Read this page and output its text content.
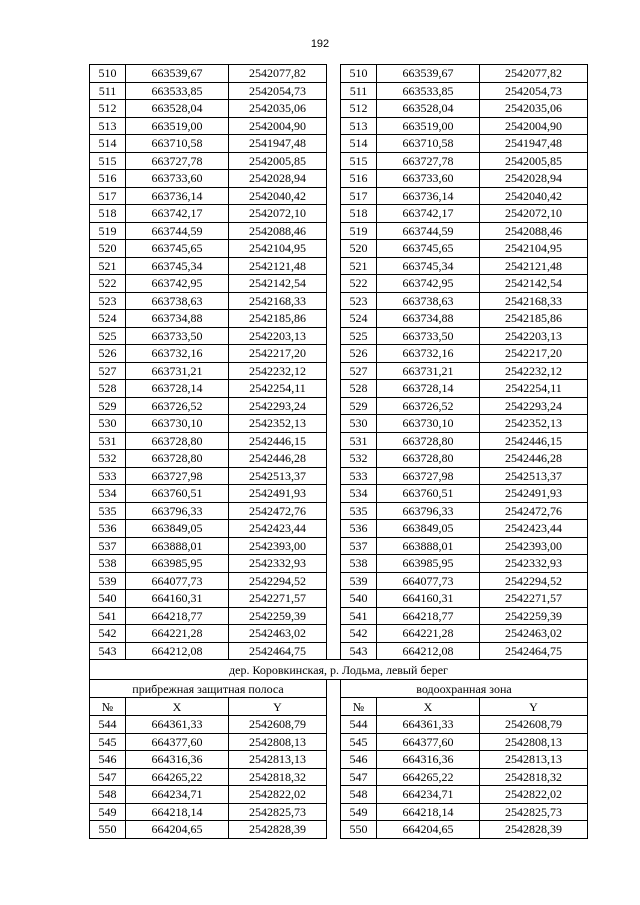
192
510	663539,67	2542077,82		510	663539,67	2542077,82
511	663533,85	2542054,73		511	663533,85	2542054,73
512	663528,04	2542035,06		512	663528,04	2542035,06
513	663519,00	2542004,90		513	663519,00	2542004,90
514	663710,58	2541947,48		514	663710,58	2541947,48
515	663727,78	2542005,85		515	663727,78	2542005,85
516	663733,60	2542028,94		516	663733,60	2542028,94
517	663736,14	2542040,42		517	663736,14	2542040,42
518	663742,17	2542072,10		518	663742,17	2542072,10
519	663744,59	2542088,46		519	663744,59	2542088,46
520	663745,65	2542104,95		520	663745,65	2542104,95
521	663745,34	2542121,48		521	663745,34	2542121,48
522	663742,95	2542142,54		522	663742,95	2542142,54
523	663738,63	2542168,33		523	663738,63	2542168,33
524	663734,88	2542185,86		524	663734,88	2542185,86
525	663733,50	2542203,13		525	663733,50	2542203,13
526	663732,16	2542217,20		526	663732,16	2542217,20
527	663731,21	2542232,12		527	663731,21	2542232,12
528	663728,14	2542254,11		528	663728,14	2542254,11
529	663726,52	2542293,24		529	663726,52	2542293,24
530	663730,10	2542352,13		530	663730,10	2542352,13
531	663728,80	2542446,15		531	663728,80	2542446,15
532	663728,80	2542446,28		532	663728,80	2542446,28
533	663727,98	2542513,37		533	663727,98	2542513,37
534	663760,51	2542491,93		534	663760,51	2542491,93
535	663796,33	2542472,76		535	663796,33	2542472,76
536	663849,05	2542423,44		536	663849,05	2542423,44
537	663888,01	2542393,00		537	663888,01	2542393,00
538	663985,95	2542332,93		538	663985,95	2542332,93
539	664077,73	2542294,52		539	664077,73	2542294,52
540	664160,31	2542271,57		540	664160,31	2542271,57
541	664218,77	2542259,39		541	664218,77	2542259,39
542	664221,28	2542463,02		542	664221,28	2542463,02
543	664212,08	2542464,75		543	664212,08	2542464,75
дер. Коровкинская, р. Лодьма, левый берег						
прибрежная защитная полоса				водоохранная зона		
№	X	Y		№	X	Y
544	664361,33	2542608,79		544	664361,33	2542608,79
545	664377,60	2542808,13		545	664377,60	2542808,13
546	664316,36	2542813,13		546	664316,36	2542813,13
547	664265,22	2542818,32		547	664265,22	2542818,32
548	664234,71	2542822,02		548	664234,71	2542822,02
549	664218,14	2542825,73		549	664218,14	2542825,73
550	664204,65	2542828,39		550	664204,65	2542828,39
